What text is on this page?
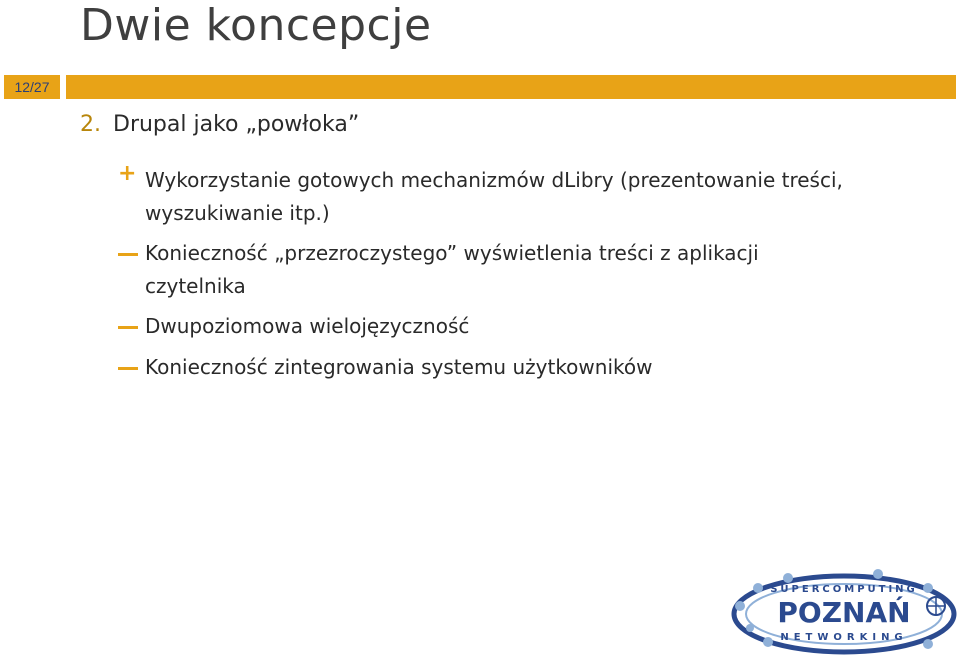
Dwie koncepcje
12/27
2. Drupal jako „powłoka”
+ Wykorzystanie gotowych mechanizmów dLibry (prezentowanie treści, wyszukiwanie itp.)
Konieczność „przezroczystego” wyświetlenia treści z aplikacji czytelnika
Dwupoziomowa wielojęzyczność
Konieczność zintegrowania systemu użytkowników
SUPERCOMPUTING
POZNAŃ
NETWORKING
